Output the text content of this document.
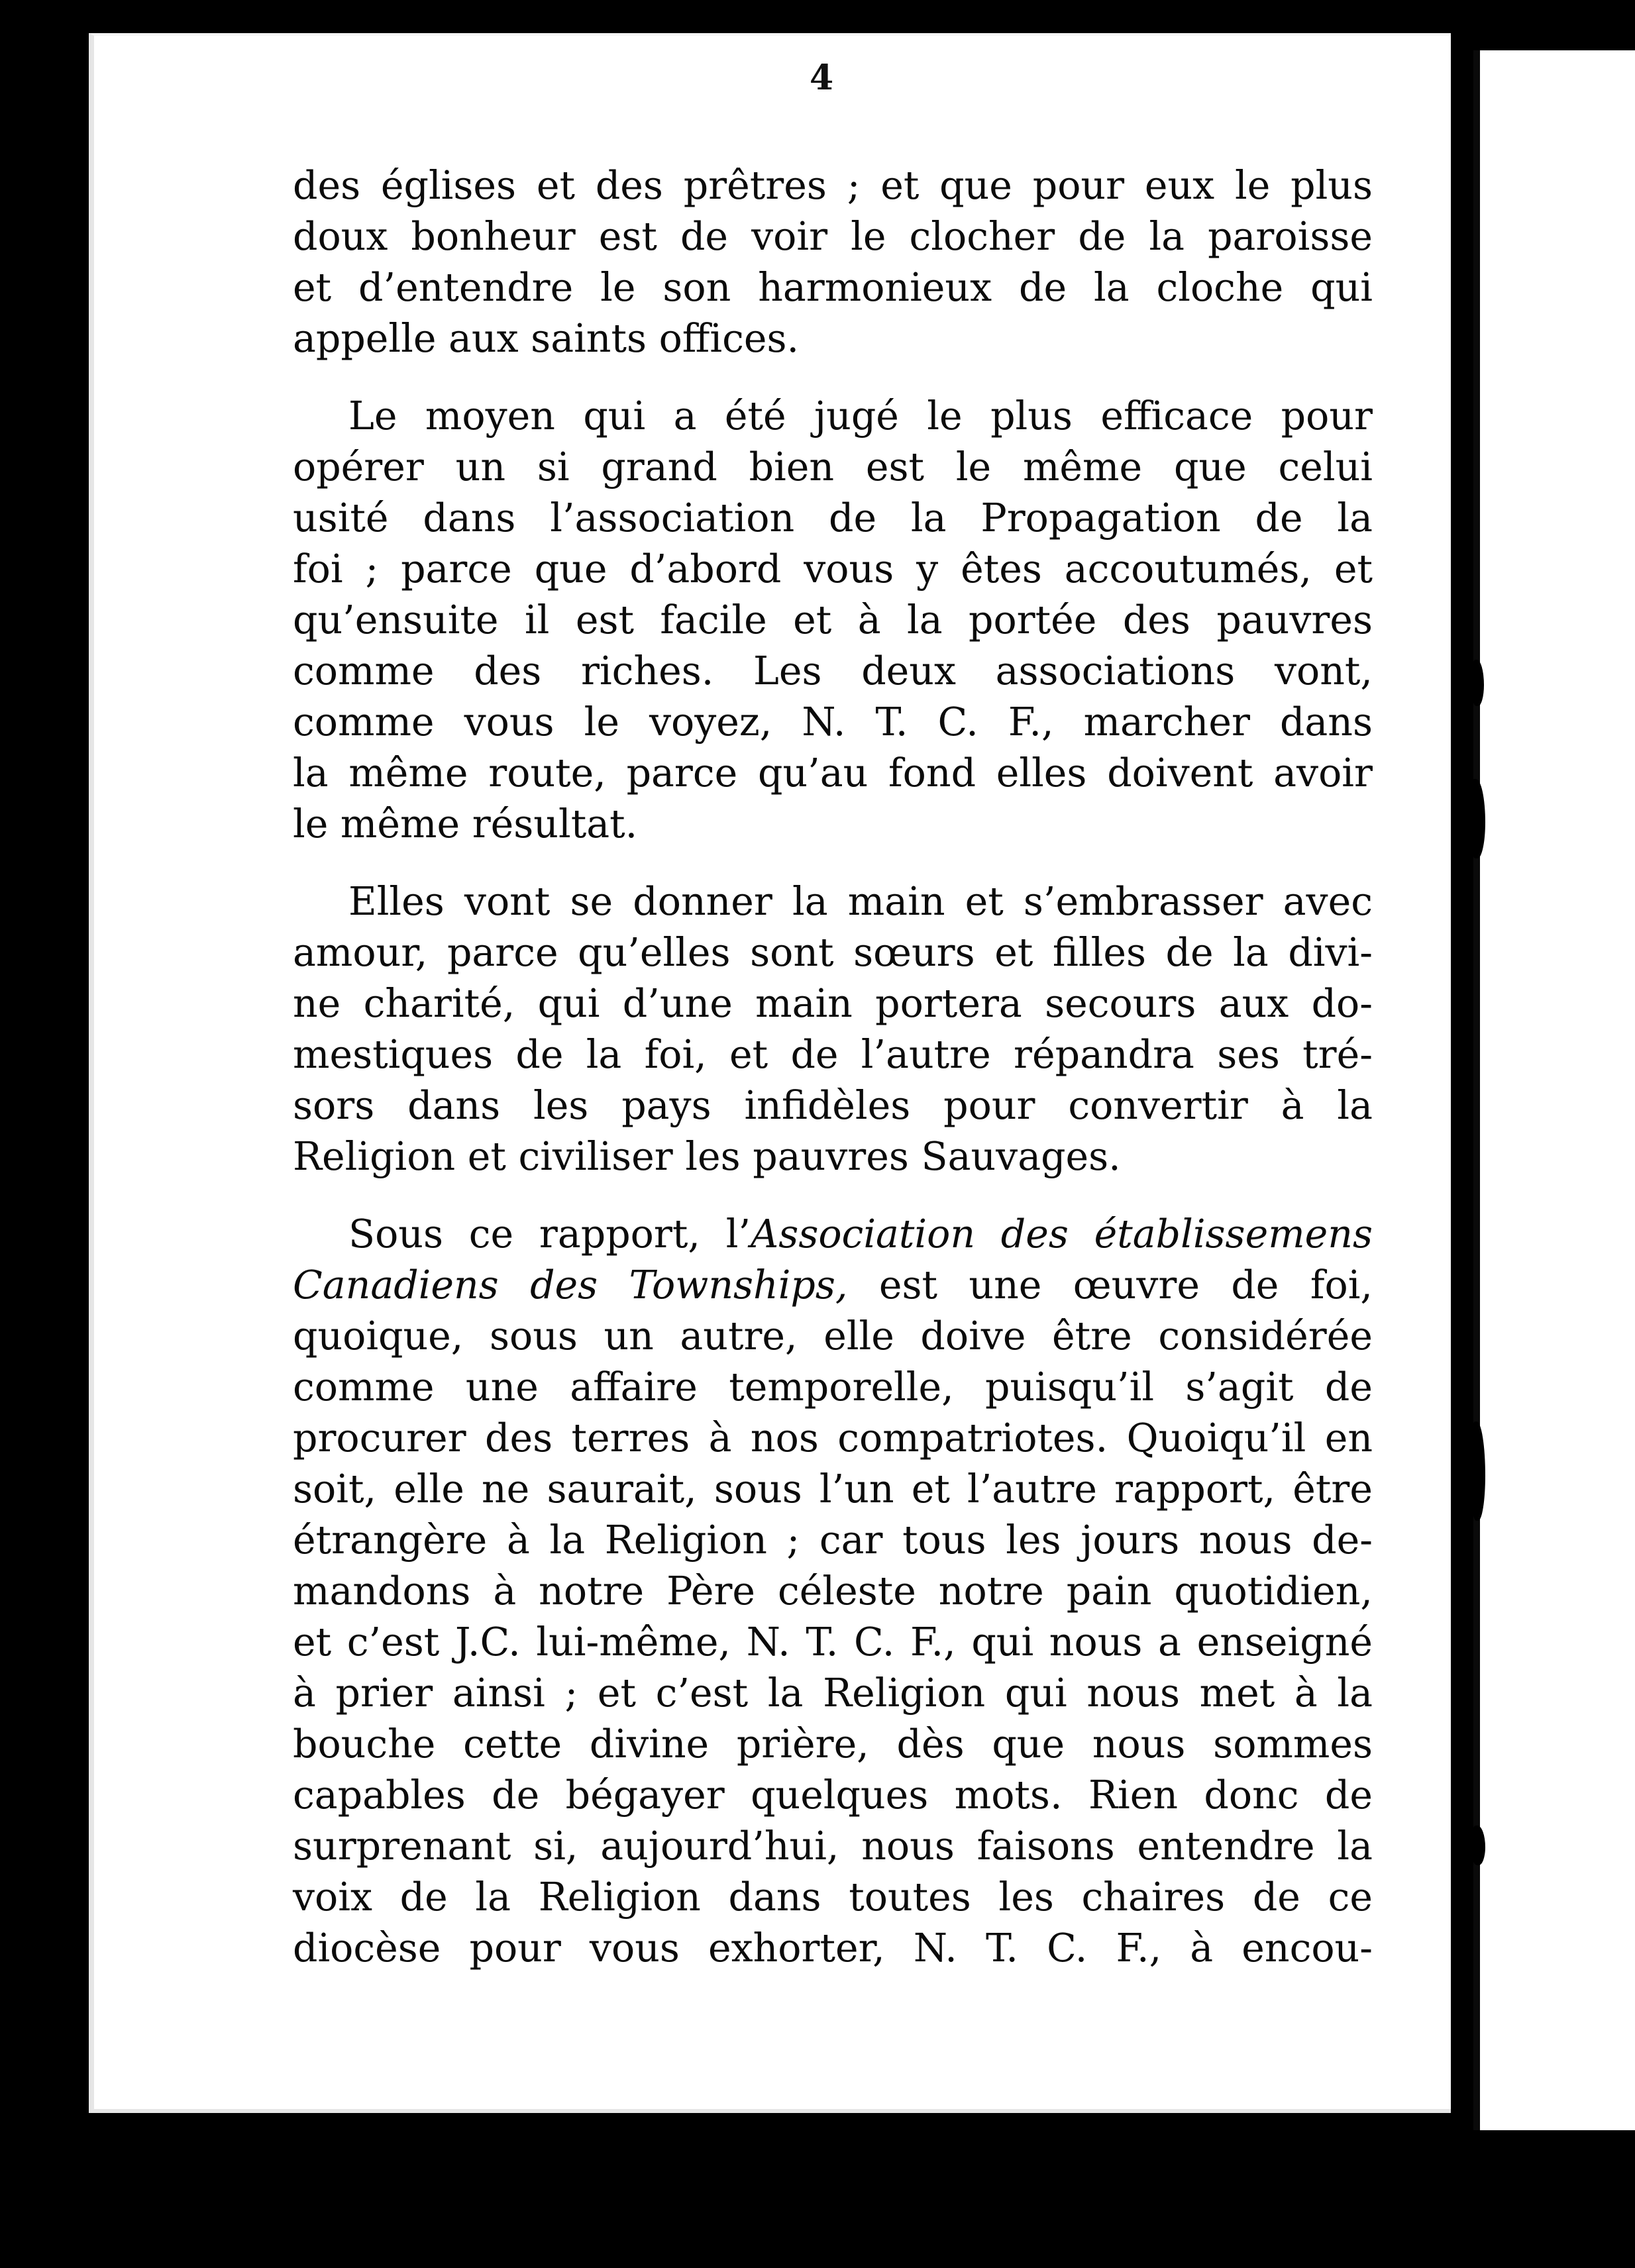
4
des églises et des prêtres ; et que pour eux le plus
doux bonheur est de voir le clocher de la paroisse
et d’entendre le son harmonieux de la cloche qui
appelle aux saints offices.
Le moyen qui a été jugé le plus efficace pour
opérer un si grand bien est le même que celui
usité dans l’association de la Propagation de la
foi ; parce que d’abord vous y êtes accoutumés, et
qu’ensuite il est facile et à la portée des pauvres
comme des riches. Les deux associations vont,
comme vous le voyez, N. T. C. F., marcher dans
la même route, parce qu’au fond elles doivent avoir
le même résultat.
Elles vont se donner la main et s’embrasser avec
amour, parce qu’elles sont sœurs et filles de la divi-
ne charité, qui d’une main portera secours aux do-
mestiques de la foi, et de l’autre répandra ses tré-
sors dans les pays infidèles pour convertir à la
Religion et civiliser les pauvres Sauvages.
Sous ce rapport, l’Association des établissemens
Canadiens des Townships, est une œuvre de foi,
quoique, sous un autre, elle doive être considérée
comme une affaire temporelle, puisqu’il s’agit de
procurer des terres à nos compatriotes. Quoiqu’il en
soit, elle ne saurait, sous l’un et l’autre rapport, être
étrangère à la Religion ; car tous les jours nous de-
mandons à notre Père céleste notre pain quotidien,
et c’est J.C. lui-même, N. T. C. F., qui nous a enseigné
à prier ainsi ; et c’est la Religion qui nous met à la
bouche cette divine prière, dès que nous sommes
capables de bégayer quelques mots. Rien donc de
surprenant si, aujourd’hui, nous faisons entendre la
voix de la Religion dans toutes les chaires de ce
diocèse pour vous exhorter, N. T. C. F., à encou-
